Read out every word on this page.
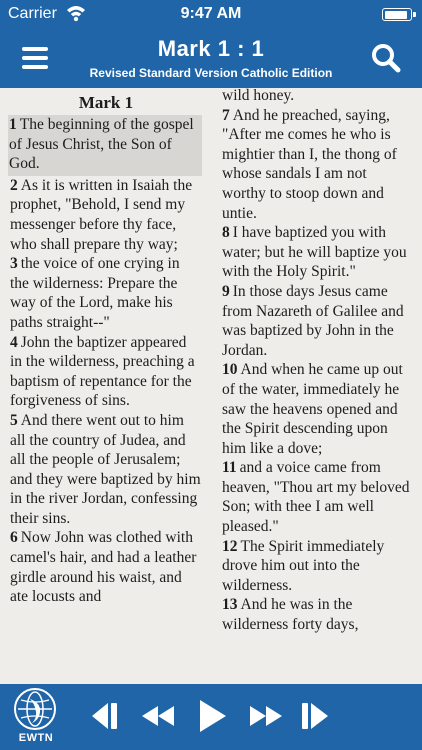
Carrier	9:47 AM
Mark 1 : 1
Revised Standard Version Catholic Edition
Mark 1
1 The beginning of the gospel of Jesus Christ, the Son of God.
2 As it is written in Isaiah the prophet, "Behold, I send my messenger before thy face, who shall prepare thy way;
3 the voice of one crying in the wilderness: Prepare the way of the Lord, make his paths straight--"
4 John the baptizer appeared in the wilderness, preaching a baptism of repentance for the forgiveness of sins.
5 And there went out to him all the country of Judea, and all the people of Jerusalem; and they were baptized by him in the river Jordan, confessing their sins.
6 Now John was clothed with camel's hair, and had a leather girdle around his waist, and ate locusts and
wild honey.
7 And he preached, saying, "After me comes he who is mightier than I, the thong of whose sandals I am not worthy to stoop down and untie.
8 I have baptized you with water; but he will baptize you with the Holy Spirit."
9 In those days Jesus came from Nazareth of Galilee and was baptized by John in the Jordan.
10 And when he came up out of the water, immediately he saw the heavens opened and the Spirit descending upon him like a dove;
11 and a voice came from heaven, "Thou art my beloved Son; with thee I am well pleased."
12 The Spirit immediately drove him out into the wilderness.
13 And he was in the wilderness forty days,
EWTN
